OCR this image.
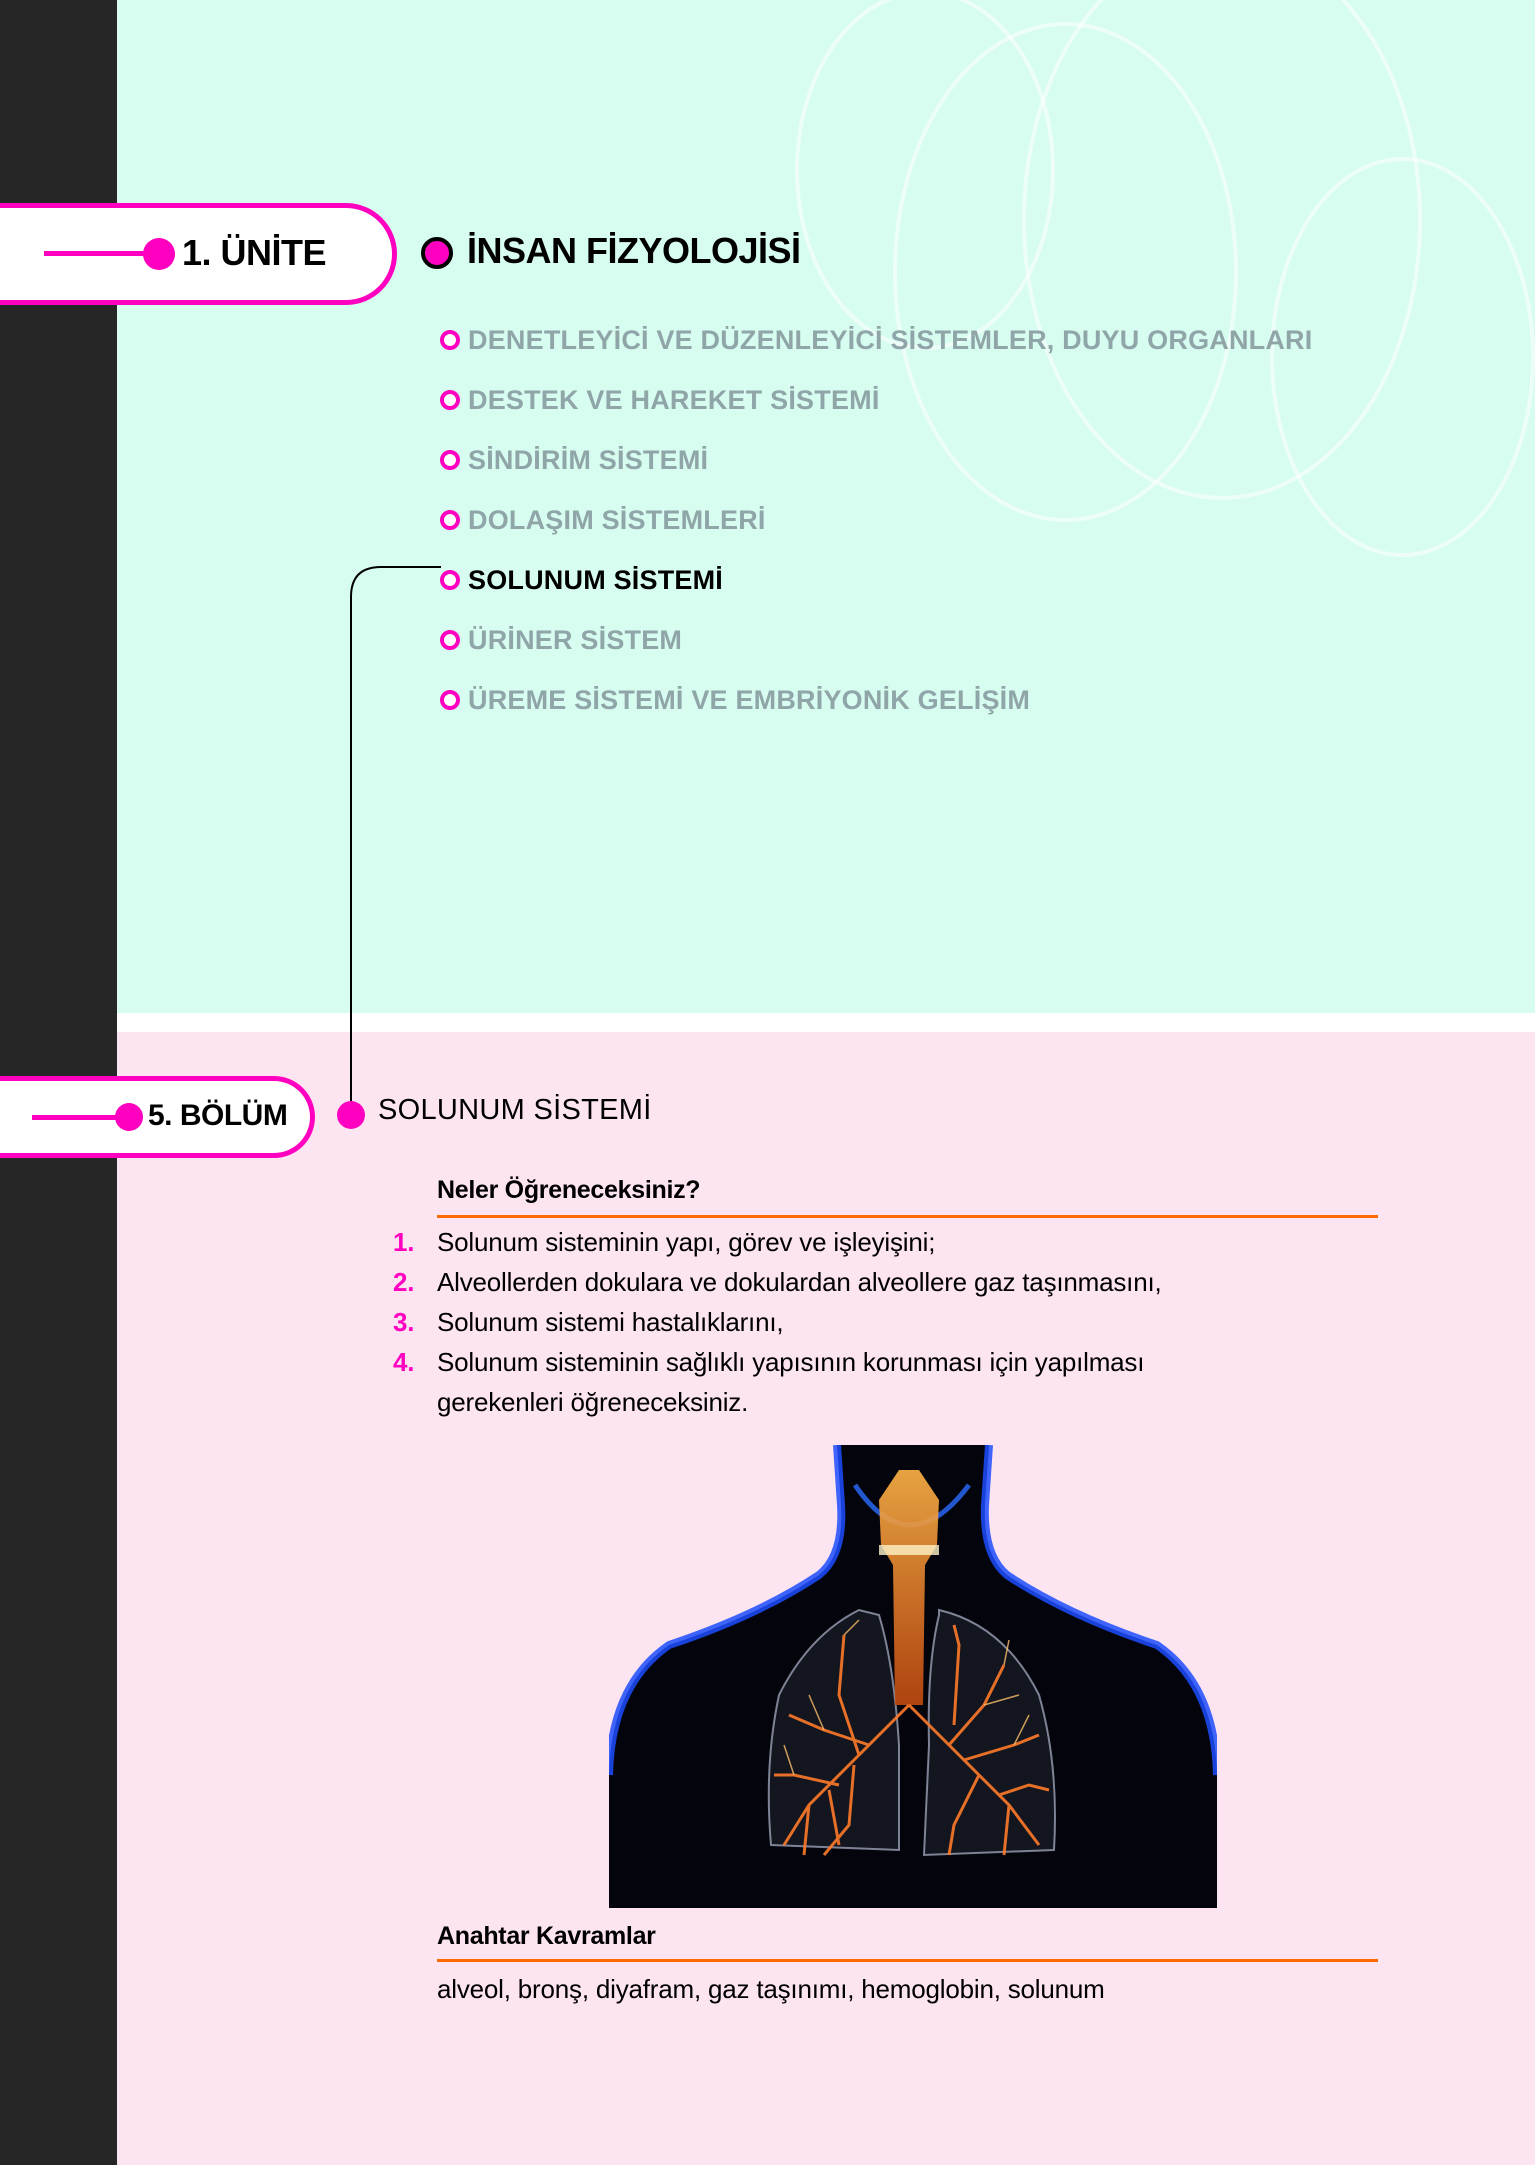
1. ÜNİTE	İNSAN FİZYOLOJİSİ
DENETLEYİCİ VE DÜZENLEYİCİ SİSTEMLER, DUYU ORGANLARI
DESTEK VE HAREKET SİSTEMİ
SİNDİRİM SİSTEMİ
DOLAŞIM SİSTEMLERİ
SOLUNUM SİSTEMİ
ÜRİNER SİSTEM
ÜREME SİSTEMİ VE EMBRİYONİK GELİŞİM
5. BÖLÜM	SOLUNUM SİSTEMİ
Neler Öğreneceksiniz?
1. Solunum sisteminin yapı, görev ve işleyişini;
2. Alveollerden dokulara ve dokulardan alveollere gaz taşınmasını,
3. Solunum sistemi hastalıklarını,
4. Solunum sisteminin sağlıklı yapısının korunması için yapılması gerekenleri öğreneceksiniz.
Anahtar Kavramlar
alveol, bronş, diyafram, gaz taşınımı, hemoglobin, solunum
